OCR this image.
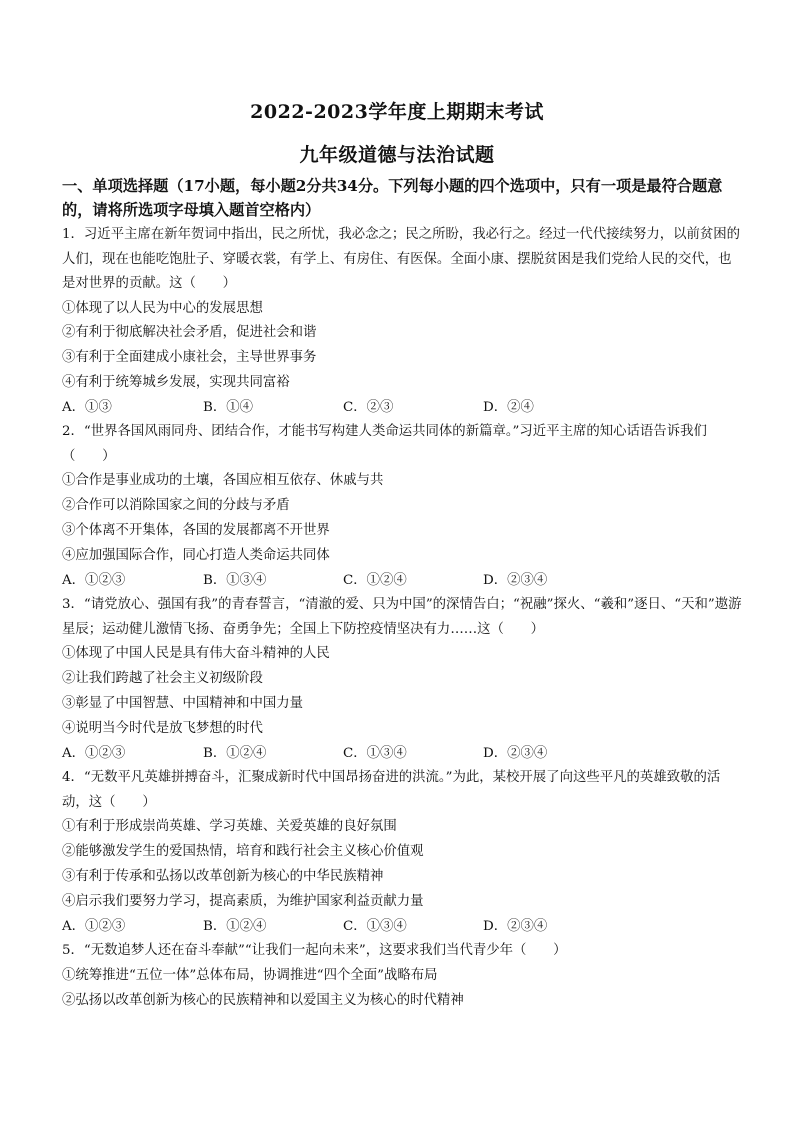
2022-2023学年度上期期末考试
九年级道德与法治试题
一、单项选择题（17小题，每小题2分共34分。下列每小题的四个选项中，只有一项是最符合题意的，请将所选项字母填入题首空格内）
1．习近平主席在新年贺词中指出，民之所忧，我必念之；民之所盼，我必行之。经过一代代接续努力，以前贫困的人们，现在也能吃饱肚子、穿暖衣裳，有学上、有房住、有医保。全面小康、摆脱贫困是我们党给人民的交代，也是对世界的贡献。这（　　）
①体现了以人民为中心的发展思想
②有利于彻底解决社会矛盾，促进社会和谐
③有利于全面建成小康社会，主导世界事务
④有利于统筹城乡发展，实现共同富裕
A．①③	B．①④	C．②③	D．②④
2．“世界各国风雨同舟、团结合作，才能书写构建人类命运共同体的新篇章。”习近平主席的知心话语告诉我们（　　）
①合作是事业成功的土壤，各国应相互依存、休戚与共
②合作可以消除国家之间的分歧与矛盾
③个体离不开集体，各国的发展都离不开世界
④应加强国际合作，同心打造人类命运共同体
A．①②③	B．①③④	C．①②④	D．②③④
3．“请党放心、强国有我”的青春誓言，“清澈的爱、只为中国”的深情告白；“祝融”探火、“羲和”逐日、“天和”遨游星辰；运动健儿激情飞扬、奋勇争先；全国上下防控疫情坚决有力……这（　　）
①体现了中国人民是具有伟大奋斗精神的人民
②让我们跨越了社会主义初级阶段
③彰显了中国智慧、中国精神和中国力量
④说明当今时代是放飞梦想的时代
A．①②③	B．①②④	C．①③④	D．②③④
4．“无数平凡英雄拼搏奋斗，汇聚成新时代中国昂扬奋进的洪流。”为此，某校开展了向这些平凡的英雄致敬的活动，这（　　）
①有利于形成崇尚英雄、学习英雄、关爱英雄的良好氛围
②能够激发学生的爱国热情，培育和践行社会主义核心价值观
③有利于传承和弘扬以改革创新为核心的中华民族精神
④启示我们要努力学习，提高素质，为维护国家利益贡献力量
A．①②③	B．①②④	C．①③④	D．②③④
5．“无数追梦人还在奋斗奉献”“让我们一起向未来”，这要求我们当代青少年（　　）
①统筹推进“五位一体”总体布局，协调推进“四个全面”战略布局
②弘扬以改革创新为核心的民族精神和以爱国主义为核心的时代精神
